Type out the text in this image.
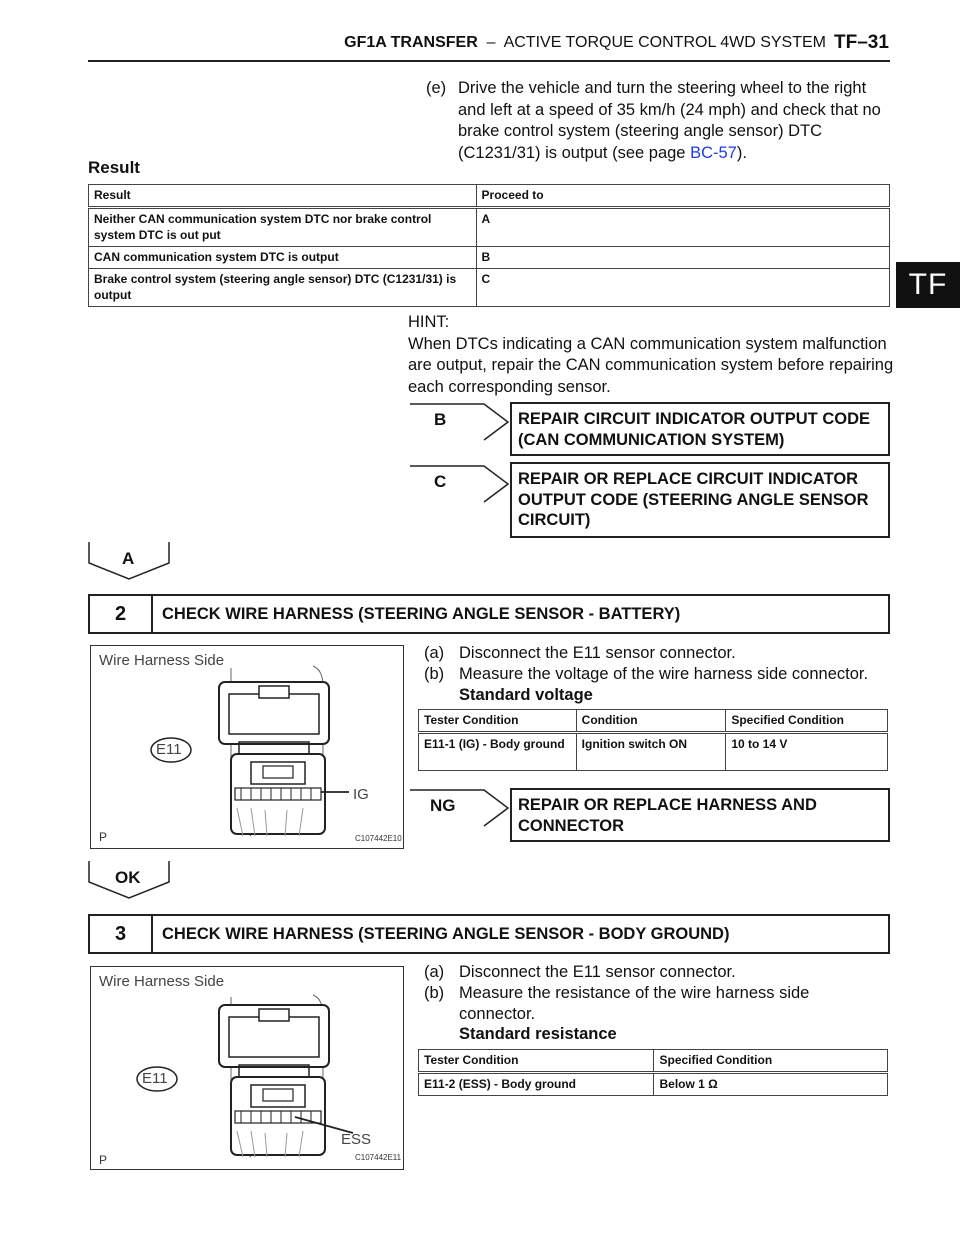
GF1A TRANSFER – ACTIVE TORQUE CONTROL 4WD SYSTEM TF–31
TF
(e) Drive the vehicle and turn the steering wheel to the right and left at a speed of 35 km/h (24 mph) and check that no brake control system (steering angle sensor) DTC (C1231/31) is output (see page BC-57).
Result
Result	Proceed to
Neither CAN communication system DTC nor brake control system DTC is out put	A
CAN communication system DTC is output	B
Brake control system (steering angle sensor) DTC (C1231/31) is output	C
HINT:
When DTCs indicating a CAN communication system malfunction are output, repair the CAN communication system before repairing each corresponding sensor.
B	REPAIR CIRCUIT INDICATOR OUTPUT CODE (CAN COMMUNICATION SYSTEM)
C	REPAIR OR REPLACE CIRCUIT INDICATOR OUTPUT CODE (STEERING ANGLE SENSOR CIRCUIT)
A
2	CHECK WIRE HARNESS (STEERING ANGLE SENSOR - BATTERY)
Wire Harness Side
E11
IG
P	C107442E10
(a) Disconnect the E11 sensor connector.
(b) Measure the voltage of the wire harness side connector.
Standard voltage
Tester Condition	Condition	Specified Condition
E11-1 (IG) - Body ground	Ignition switch ON	10 to 14 V
NG	REPAIR OR REPLACE HARNESS AND CONNECTOR
OK
3	CHECK WIRE HARNESS (STEERING ANGLE SENSOR - BODY GROUND)
Wire Harness Side
E11
ESS
P	C107442E11
(a) Disconnect the E11 sensor connector.
(b) Measure the resistance of the wire harness side connector.
Standard resistance
Tester Condition	Specified Condition
E11-2 (ESS) - Body ground	Below 1 Ω
